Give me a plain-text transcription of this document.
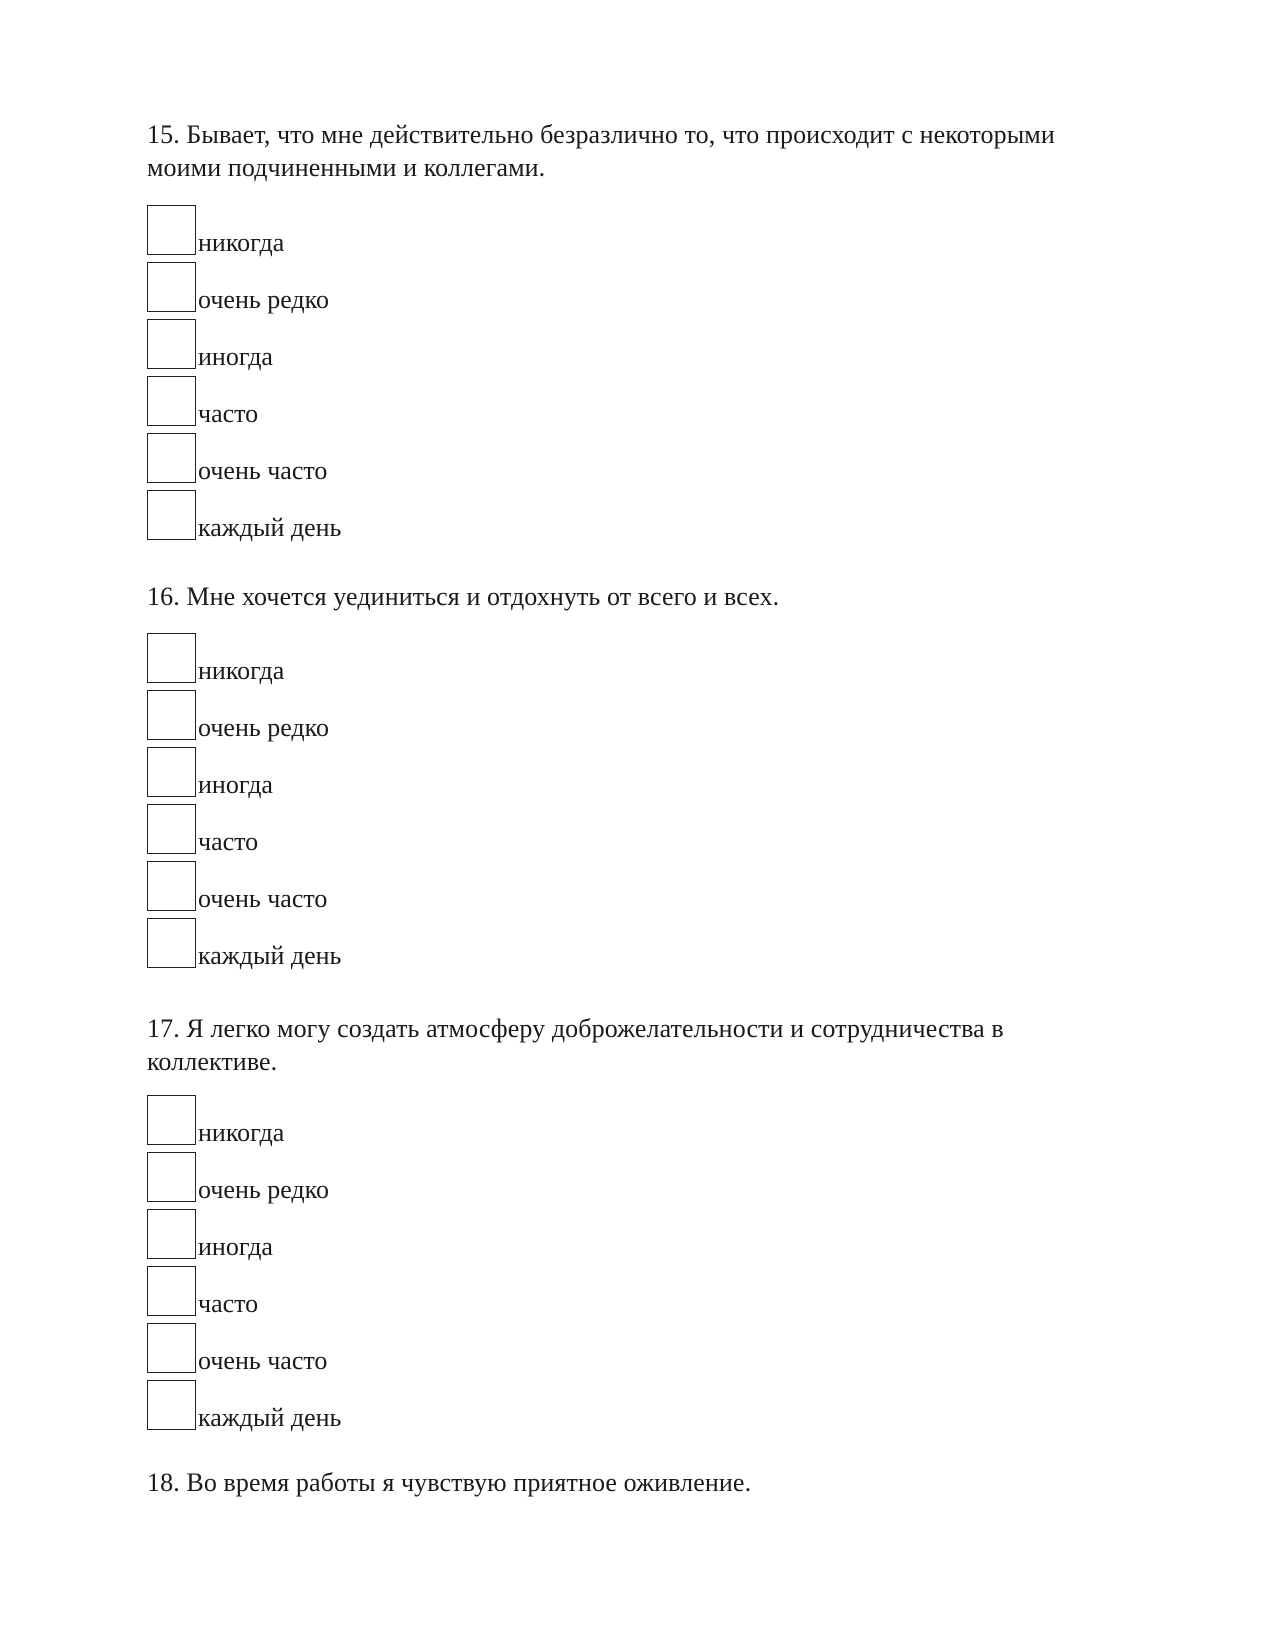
15. Бывает, что мне действительно безразлично то, что происходит с некоторыми
моими подчиненными и коллегами.

никогда
очень редко
иногда
часто
очень часто
каждый день

16. Мне хочется уединиться и отдохнуть от всего и всех.

никогда
очень редко
иногда
часто
очень часто
каждый день

17. Я легко могу создать атмосферу доброжелательности и сотрудничества в
коллективе.

никогда
очень редко
иногда
часто
очень часто
каждый день

18. Во время работы я чувствую приятное оживление.
